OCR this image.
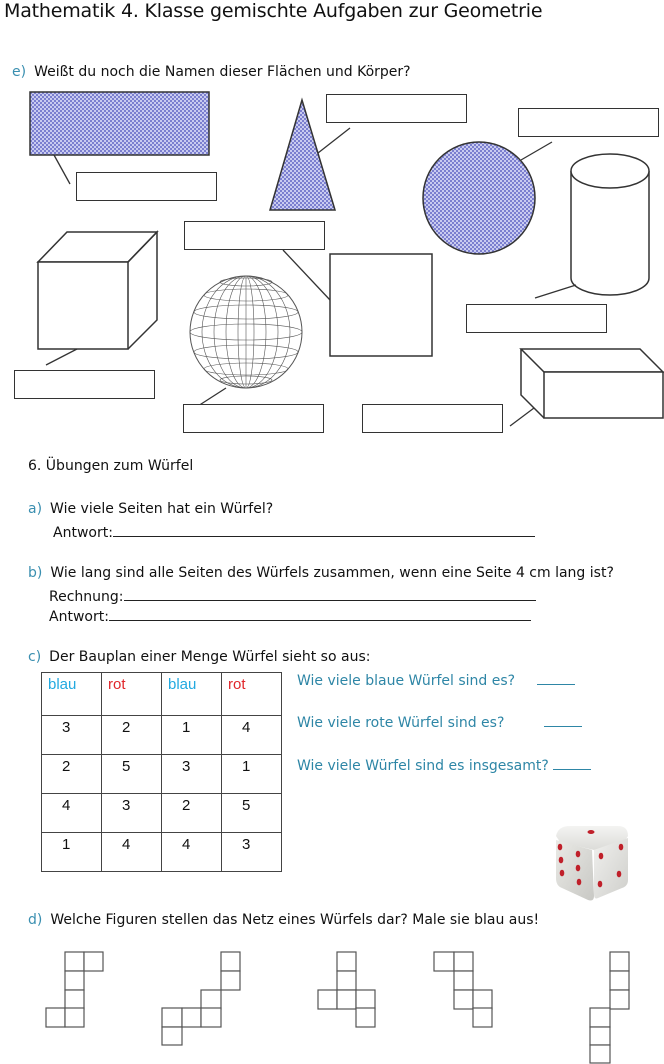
Mathematik 4. Klasse gemischte Aufgaben zur Geometrie
e) Weißt du noch die Namen dieser Flächen und Körper?
6. Übungen zum Würfel
a) Wie viele Seiten hat ein Würfel?
Antwort:
b) Wie lang sind alle Seiten des Würfels zusammen, wenn eine Seite 4 cm lang ist?
Rechnung:
Antwort:
c) Der Bauplan einer Menge Würfel sieht so aus:
blau	rot	blau	rot
3	2	1	4
2	5	3	1
4	3	2	5
1	4	4	3
Wie viele blaue Würfel sind es?
Wie viele rote Würfel sind es?
Wie viele Würfel sind es insgesamt?
d) Welche Figuren stellen das Netz eines Würfels dar? Male sie blau aus!
